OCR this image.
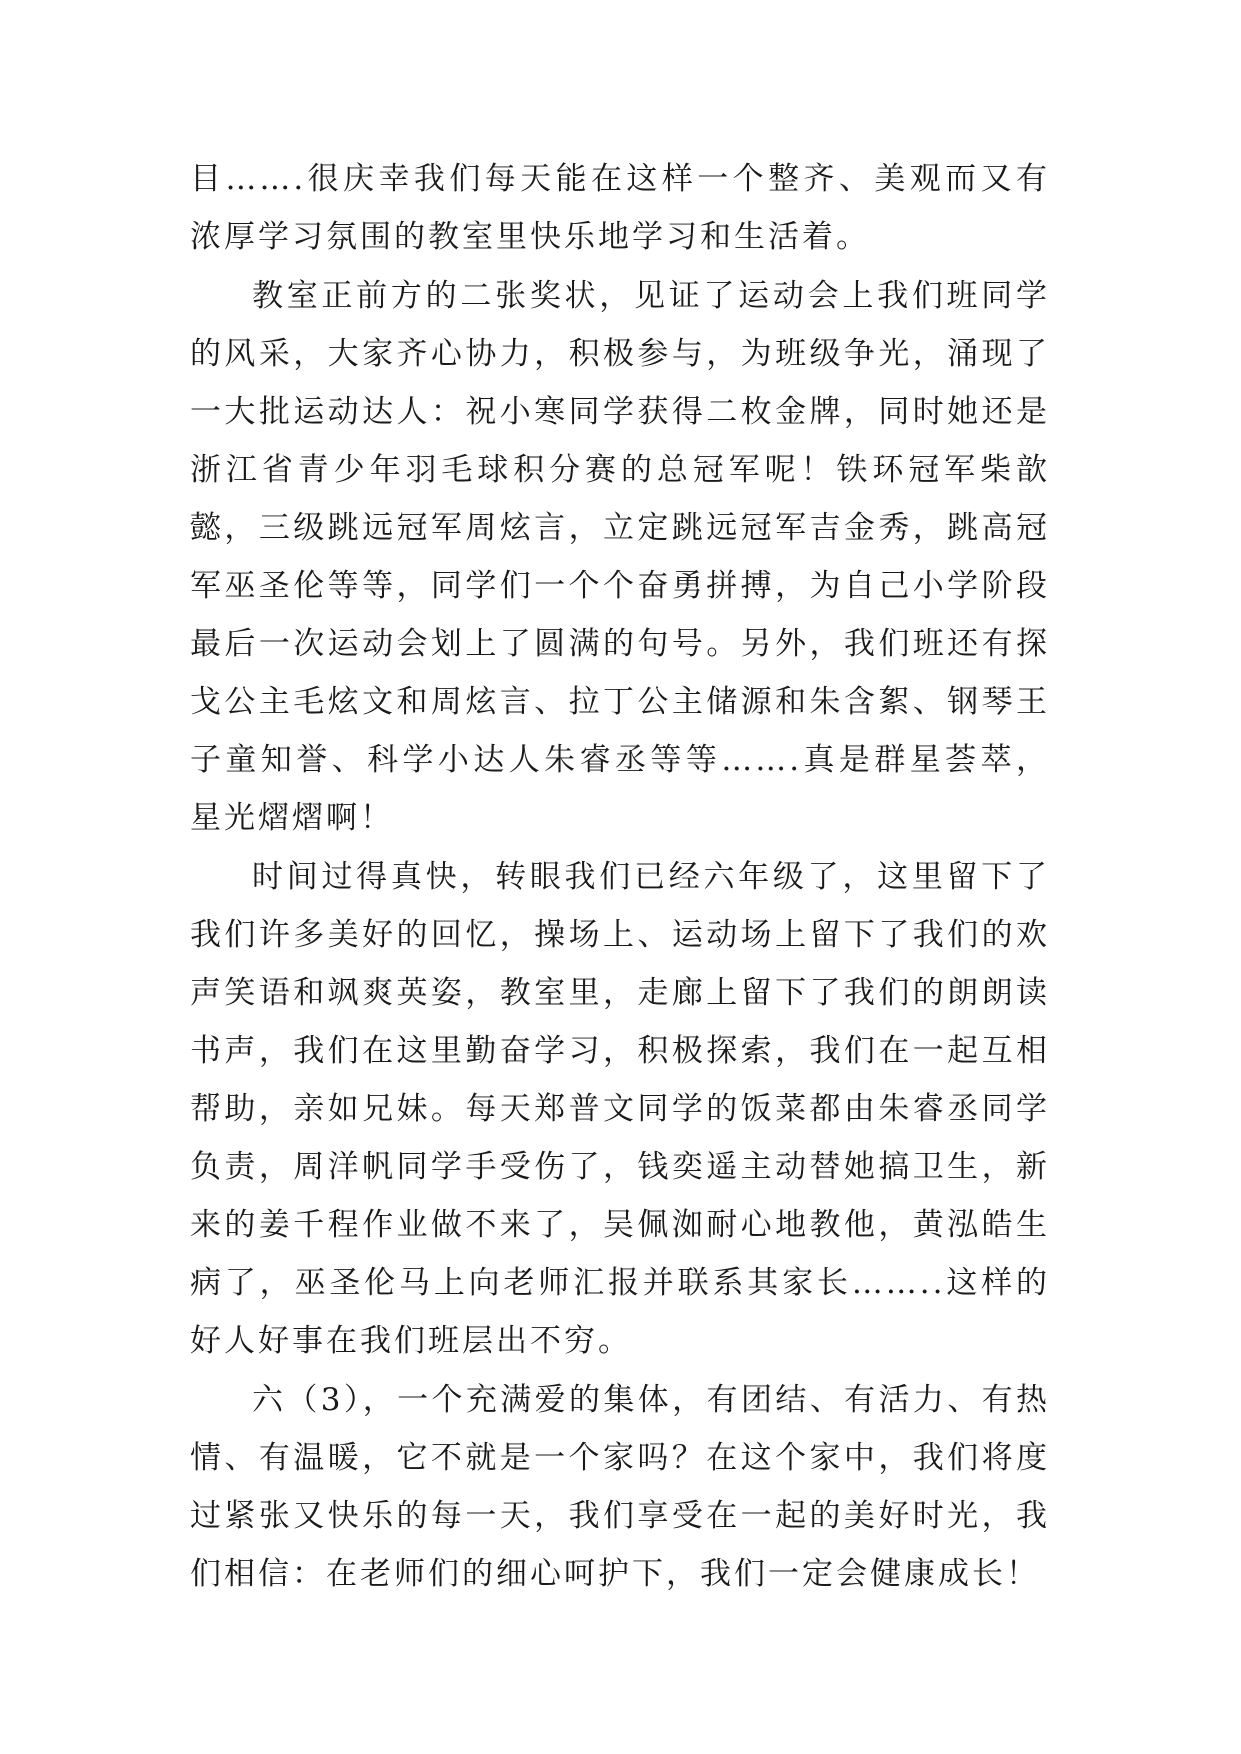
目…….很庆幸我们每天能在这样一个整齐、美观而又有浓厚学习氛围的教室里快乐地学习和生活着。

教室正前方的二张奖状，见证了运动会上我们班同学的风采，大家齐心协力，积极参与，为班级争光，涌现了一大批运动达人：祝小寒同学获得二枚金牌，同时她还是浙江省青少年羽毛球积分赛的总冠军呢！铁环冠军柴歆懿，三级跳远冠军周炫言，立定跳远冠军吉金秀，跳高冠军巫圣伦等等，同学们一个个奋勇拼搏，为自己小学阶段最后一次运动会划上了圆满的句号。另外，我们班还有探戈公主毛炫文和周炫言、拉丁公主储源和朱含絮、钢琴王子童知誉、科学小达人朱睿丞等等…….真是群星荟萃，星光熠熠啊！

时间过得真快，转眼我们已经六年级了，这里留下了我们许多美好的回忆，操场上、运动场上留下了我们的欢声笑语和飒爽英姿，教室里，走廊上留下了我们的朗朗读书声，我们在这里勤奋学习，积极探索，我们在一起互相帮助，亲如兄妹。每天郑普文同学的饭菜都由朱睿丞同学负责，周洋帆同学手受伤了，钱奕遥主动替她搞卫生，新来的姜千程作业做不来了，吴佩洳耐心地教他，黄泓皓生病了，巫圣伦马上向老师汇报并联系其家长……..这样的好人好事在我们班层出不穷。

六（3），一个充满爱的集体，有团结、有活力、有热情、有温暖，它不就是一个家吗？在这个家中，我们将度过紧张又快乐的每一天，我们享受在一起的美好时光，我们相信：在老师们的细心呵护下，我们一定会健康成长！
